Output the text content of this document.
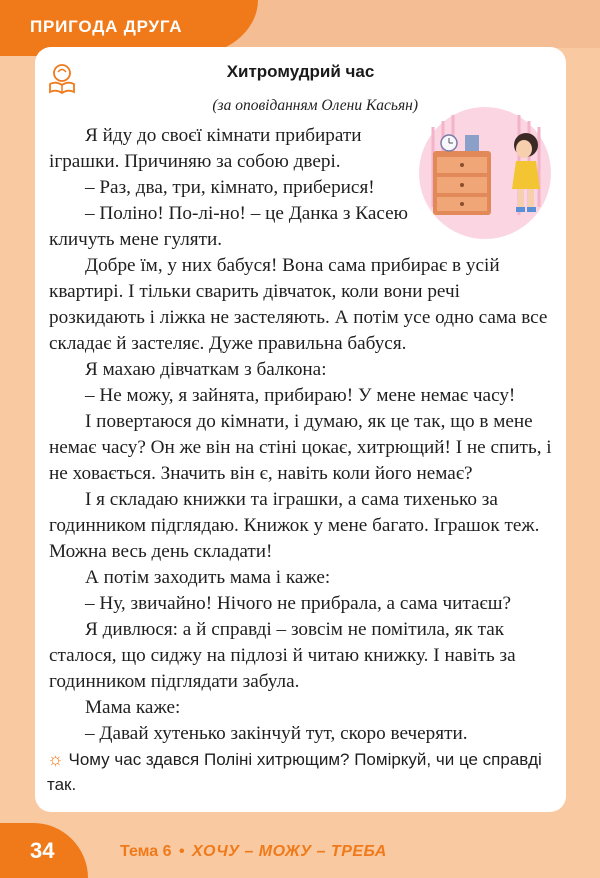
ПРИГОДА ДРУГА
Хитромудрий час
(за оповіданням Олени Касьян)

Я йду до своєї кімнати прибирати іграшки. Причиняю за собою двері.

– Раз, два, три, кімнато, приберися!

– Поліно! По-лі-но! – це Данка з Касею кличуть мене гуляти.

Добре їм, у них бабуся! Вона сама прибирає в усій квартирі. І тільки сварить дівчаток, коли вони речі розкидають і ліжка не застеляють. А потім усе одно сама все складає й застеляє. Дуже правильна бабуся.

Я махаю дівчаткам з балкона:

– Не можу, я зайнята, прибираю! У мене немає часу!

І повертаюся до кімнати, і думаю, як це так, що в мене немає часу? Он же він на стіні цокає, хитрющий! І не спить, і не ховається. Значить він є, навіть коли його немає?

І я складаю книжки та іграшки, а сама тихенько за годинником підглядаю. Книжок у мене багато. Іграшок теж. Можна весь день складати!

А потім заходить мама і каже:

– Ну, звичайно! Нічого не прибрала, а сама читаєш?

Я дивлюся: а й справді – зовсім не помітила, як так сталося, що сиджу на підлозі й читаю книжку. І навіть за годинником підглядати забула.

Мама каже:

– Давай хутенько закінчуй тут, скоро вечеряти.

☼ Чому час здався Поліні хитрющим? Поміркуй, чи це справді так.
34	Тема 6 • ХОЧУ – МОЖУ – ТРЕБА
